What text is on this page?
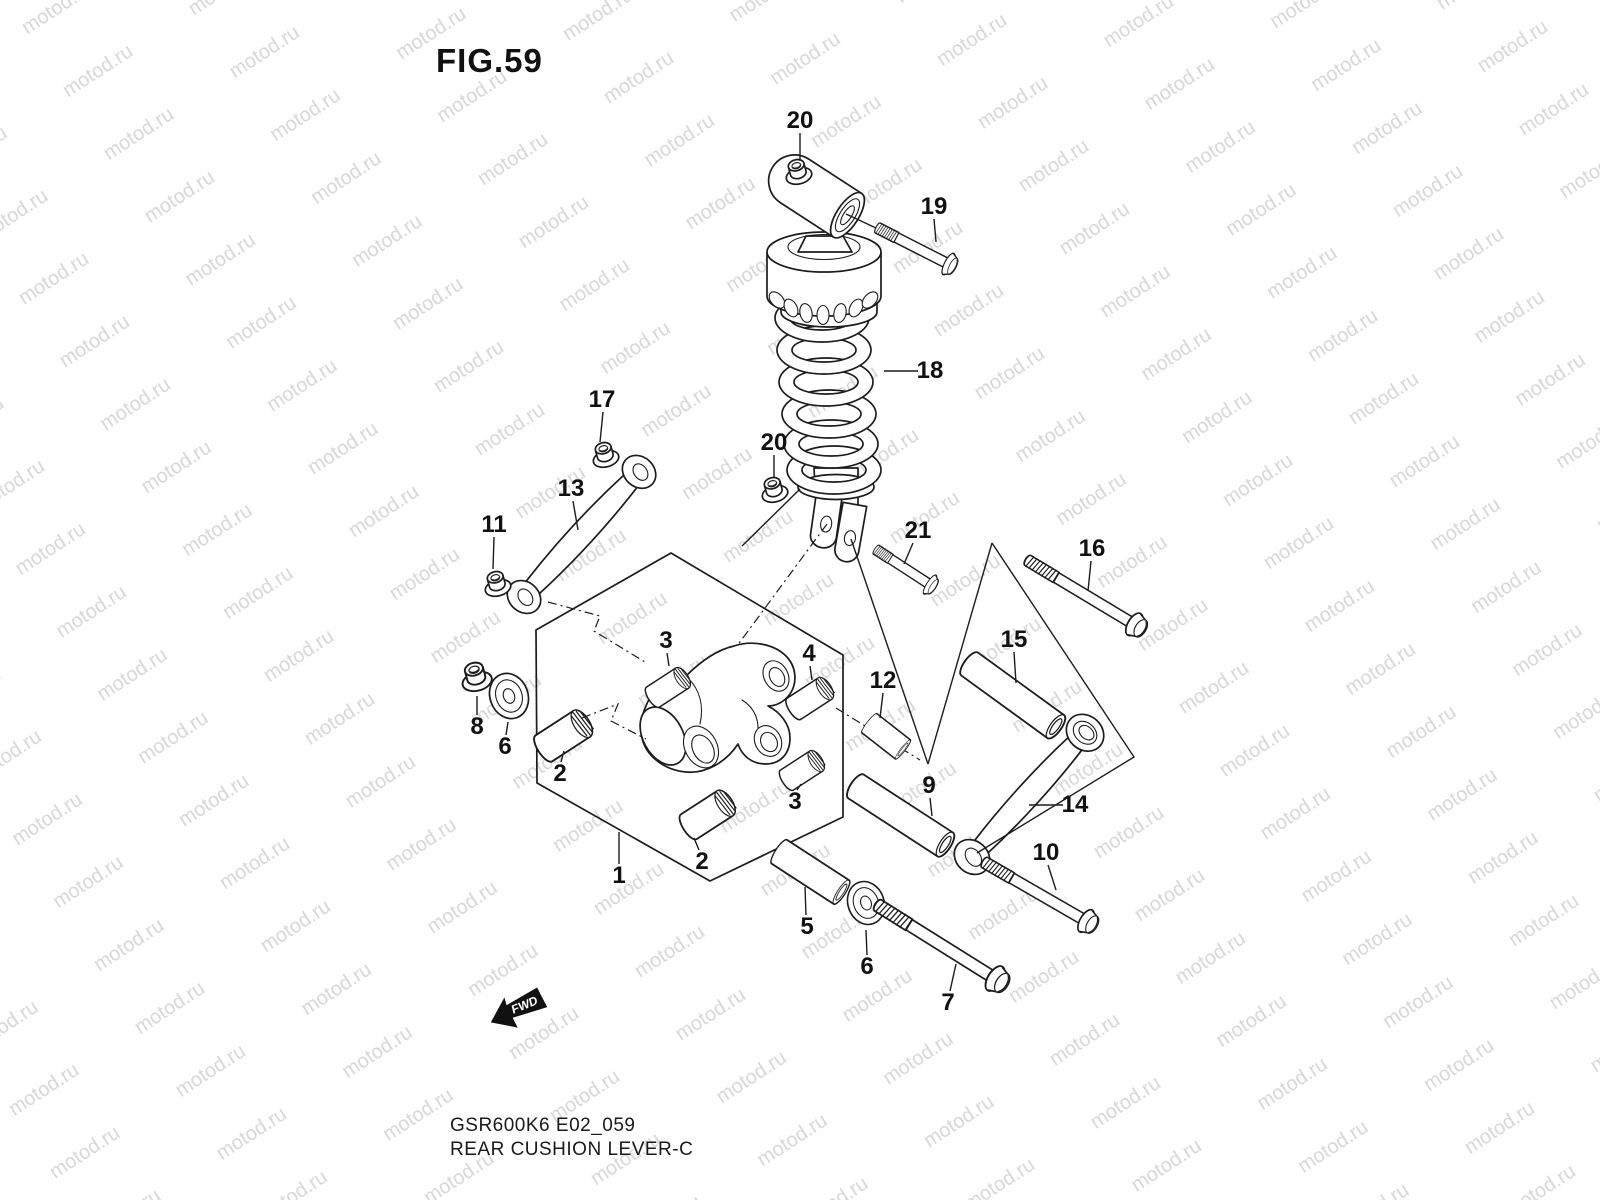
FWD
FIG.59
20
19
18
17
13
11
20
21
16
15
12
3	4
8
6
2
3
1
2
14
9
10
5
6
7
GSR600K6 E02_059
REAR CUSHION LEVER-C
